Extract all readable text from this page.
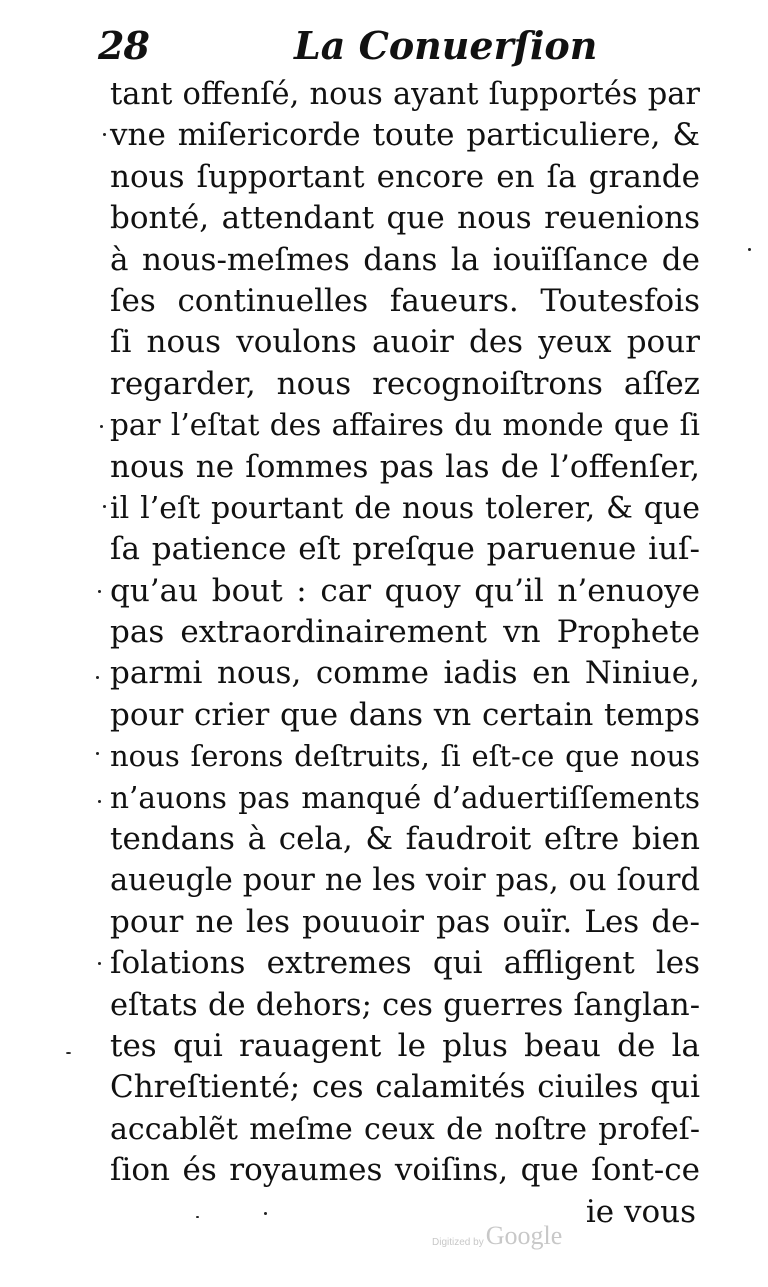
28	La Conuerſion
tant offenſé, nous ayant ſupportés par
vne miſericorde toute particuliere, &
nous ſupportant encore en ſa grande
bonté, attendant que nous reuenions
à nous-meſmes dans la iouïſſance de
ſes continuelles faueurs. Toutesfois
ſi nous voulons auoir des yeux pour
regarder, nous recognoiſtrons aſſez
par l’eſtat des affaires du monde que ſi
nous ne ſommes pas las de l’offenſer,
il l’eſt pourtant de nous tolerer, & que
ſa patience eſt preſque paruenue iuſ-
qu’au bout : car quoy qu’il n’enuoye
pas extraordinairement vn Prophete
parmi nous, comme iadis en Niniue,
pour crier que dans vn certain temps
nous ſerons deſtruits, ſi eſt-ce que nous
n’auons pas manqué d’aduertiſſements
tendans à cela, & faudroit eſtre bien
aueugle pour ne les voir pas, ou ſourd
pour ne les pouuoir pas ouïr. Les de-
ſolations extremes qui affligent les
eſtats de dehors; ces guerres ſanglan-
tes qui rauagent le plus beau de la
Chreſtienté; ces calamités ciuiles qui
accablẽt meſme ceux de noſtre profeſ-
ſion és royaumes voiſins, que ſont-ce
ie vous
Digitized by Google
